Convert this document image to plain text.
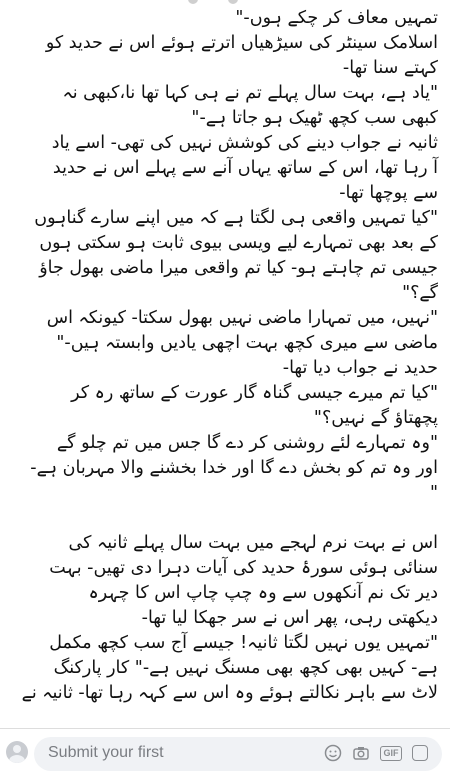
تمہیں معاف کر چکے ہوں-"

اسلامک سینٹر کی سیڑھیاں اترتے ہوئے اس نے حدید کو

کہتے سنا تھا-

"یاد ہے، بہت سال پہلے تم نے ہی کہا تھا نا،کبھی نہ

کبھی سب کچھ ٹھیک ہو جاتا ہے-"

ثانیہ نے جواب دینے کی کوشش نہیں کی تھی- اسے یاد

آ رہا تھا، اس کے ساتھ یہاں آنے سے پہلے اس نے حدید

سے پوچھا تھا-

"کیا تمہیں واقعی ہی لگتا ہے کہ میں اپنے سارے گناہوں

کے بعد بھی تمہارے لیے ویسی بیوی ثابت ہو سکتی ہوں

جیسی تم چاہتے ہو- کیا تم واقعی میرا ماضی بھول جاؤ

گے؟"

"نہیں، میں تمہارا ماضی نہیں بھول سکتا- کیونکہ اس

ماضی سے میری کچھ بہت اچھی یادیں وابستہ ہیں-"

حدید نے جواب دیا تھا-

"کیا تم میرے جیسی گناہ گار عورت کے ساتھ رہ کر

پچھتاؤ گے نہیں؟"

"وہ تمہارے لئے روشنی کر دے گا جس میں تم چلو گے

اور وہ تم کو بخش دے گا اور خدا بخشنے والا مہربان ہے-

"

اس نے بہت نرم لہجے میں بہت سال پہلے ثانیہ کی

سنائی ہوئی سورۂ حدید کی آیات دہرا دی تھیں- بہت

دیر تک نم آنکھوں سے وہ چپ چاپ اس کا چہرہ

دیکھتی رہی، پھر اس نے سر جھکا لیا تھا-

"تمہیں یوں نہیں لگتا ثانیہ! جیسے آج سب کچھ مکمل

ہے- کہیں بھی کچھ بھی مسنگ نہیں ہے-" کار پارکنگ

لاٹ سے باہر نکالتے ہوئے وہ اس سے کہہ رہا تھا- ثانیہ نے

Submit your first	GIF
